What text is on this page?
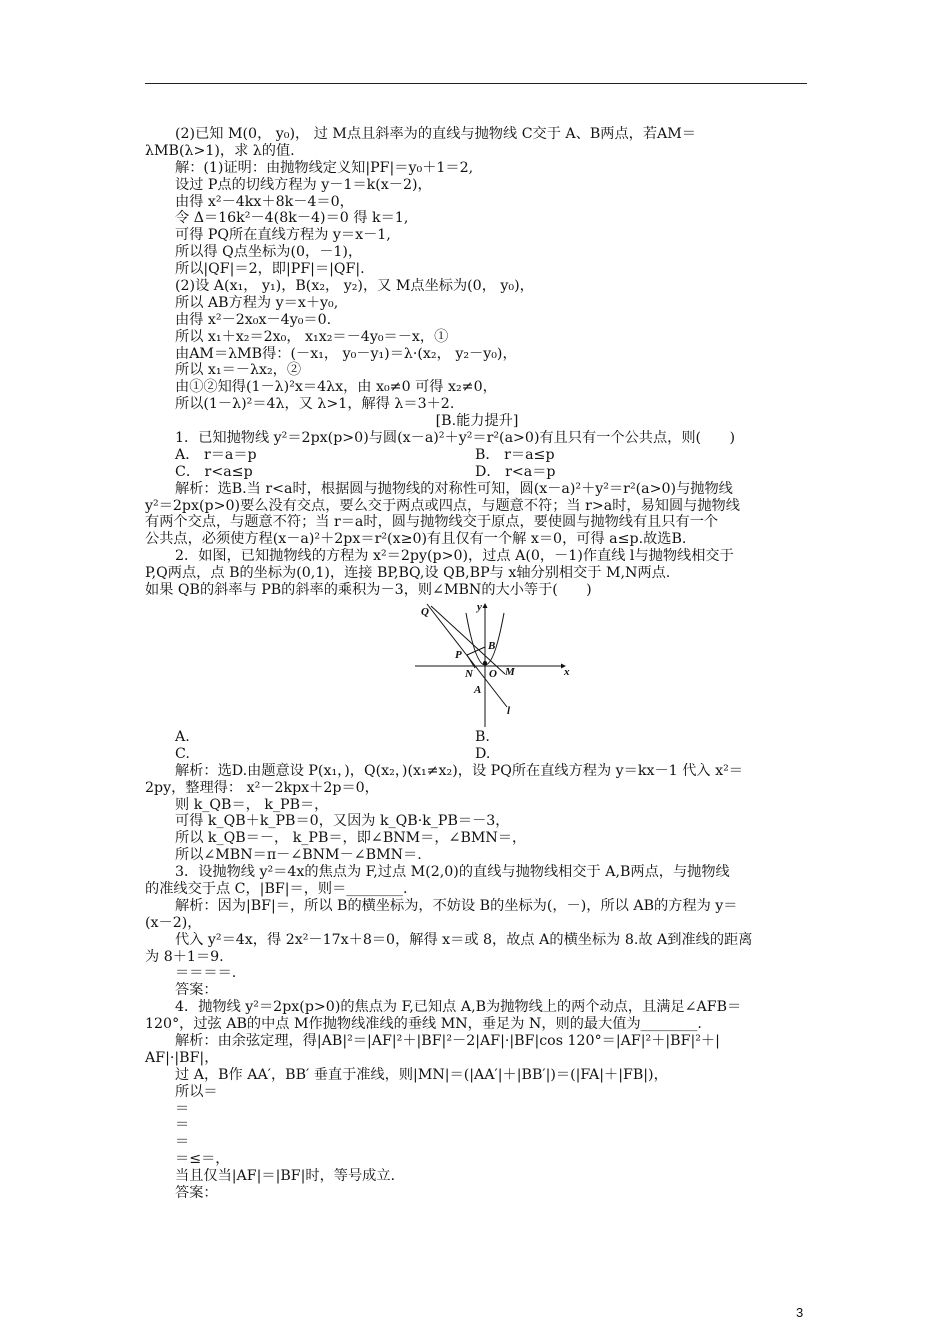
(2)已知 M(0， y₀)， 过 M点且斜率为的直线与抛物线 C交于 A、B两点，若AM＝
λMB(λ>1)，求 λ的值.
解：(1)证明：由抛物线定义知|PF|＝y₀＋1＝2,
设过 P点的切线方程为 y－1＝k(x－2)，
由得 x²－4kx＋8k－4＝0，
令 Δ＝16k²－4(8k－4)＝0 得 k＝1,
可得 PQ所在直线方程为 y＝x－1,
所以得 Q点坐标为(0，－1)，
所以|QF|＝2，即|PF|＝|QF|.
(2)设 A(x₁， y₁)，B(x₂， y₂)，又 M点坐标为(0， y₀)，
所以 AB方程为 y＝x＋y₀,
由得 x²－2x₀x－4y₀＝0.
所以 x₁＋x₂＝2x₀， x₁x₂＝－4y₀＝－x，①
由AM＝λMB得：(－x₁， y₀－y₁)＝λ·(x₂， y₂－y₀)，
所以 x₁＝－λx₂，②
由①②知得(1－λ)²x＝4λx，由 x₀≠0 可得 x₂≠0，
所以(1－λ)²＝4λ，又 λ>1，解得 λ＝3＋2.
[B.能力提升]
1．已知抛物线 y²＝2px(p>0)与圆(x－a)²＋y²＝r²(a>0)有且只有一个公共点，则(　　)
A． r＝a＝p	B． r＝a≤p
C． r<a≤p	D． r<a＝p
解析：选B.当 r<a时，根据圆与抛物线的对称性可知，圆(x－a)²＋y²＝r²(a>0)与抛物线
y²＝2px(p>0)要么没有交点，要么交于两点或四点，与题意不符；当 r>a时，易知圆与抛物线
有两个交点，与题意不符；当 r＝a时，圆与抛物线交于原点，要使圆与抛物线有且只有一个
公共点，必须使方程(x－a)²＋2px＝r²(x≥0)有且仅有一个解 x＝0，可得 a≤p.故选B.
2．如图，已知抛物线的方程为 x²＝2py(p>0)，过点 A(0，－1)作直线 l与抛物线相交于
P,Q两点，点 B的坐标为(0,1)，连接 BP,BQ,设 QB,BP与 x轴分别相交于 M,N两点.
如果 QB的斜率与 PB的斜率的乘积为－3，则∠MBN的大小等于(　　)
Q	y
B
P
N O M
A
x
l
A.	B.
C.	D.
解析：选D.由题意设 P(x₁，)，Q(x₂，)(x₁≠x₂)，设 PQ所在直线方程为 y＝kx－1 代入 x²＝
2py，整理得： x²－2kpx＋2p＝0，
则 k_QB＝， k_PB＝，
可得 k_QB＋k_PB＝0，又因为 k_QB·k_PB＝－3，
所以 k_QB＝－， k_PB＝，即∠BNM＝，∠BMN＝，
所以∠MBN＝π－∠BNM－∠BMN＝.
3．设抛物线 y²＝4x的焦点为 F,过点 M(2,0)的直线与抛物线相交于 A,B两点，与抛物线
的准线交于点 C，|BF|＝，则＝________.
解析：因为|BF|＝，所以 B的横坐标为，不妨设 B的坐标为(，－)，所以 AB的方程为 y＝
(x－2)，
代入 y²＝4x，得 2x²－17x＋8＝0，解得 x＝或 8，故点 A的横坐标为 8.故 A到准线的距离
为 8＋1＝9.
＝＝＝＝.
答案：
4．抛物线 y²＝2px(p>0)的焦点为 F,已知点 A,B为抛物线上的两个动点，且满足∠AFB＝
120°，过弦 AB的中点 M作抛物线准线的垂线 MN，垂足为 N，则的最大值为________.
解析：由余弦定理，得|AB|²＝|AF|²＋|BF|²－2|AF|·|BF|cos 120°＝|AF|²＋|BF|²＋|
AF|·|BF|，
过 A，B作 AA′，BB′ 垂直于准线，则|MN|＝(|AA′|＋|BB′|)＝(|FA|＋|FB|)，
所以＝
＝
＝
＝
＝≤＝，
当且仅当|AF|＝|BF|时，等号成立.
答案：
3
